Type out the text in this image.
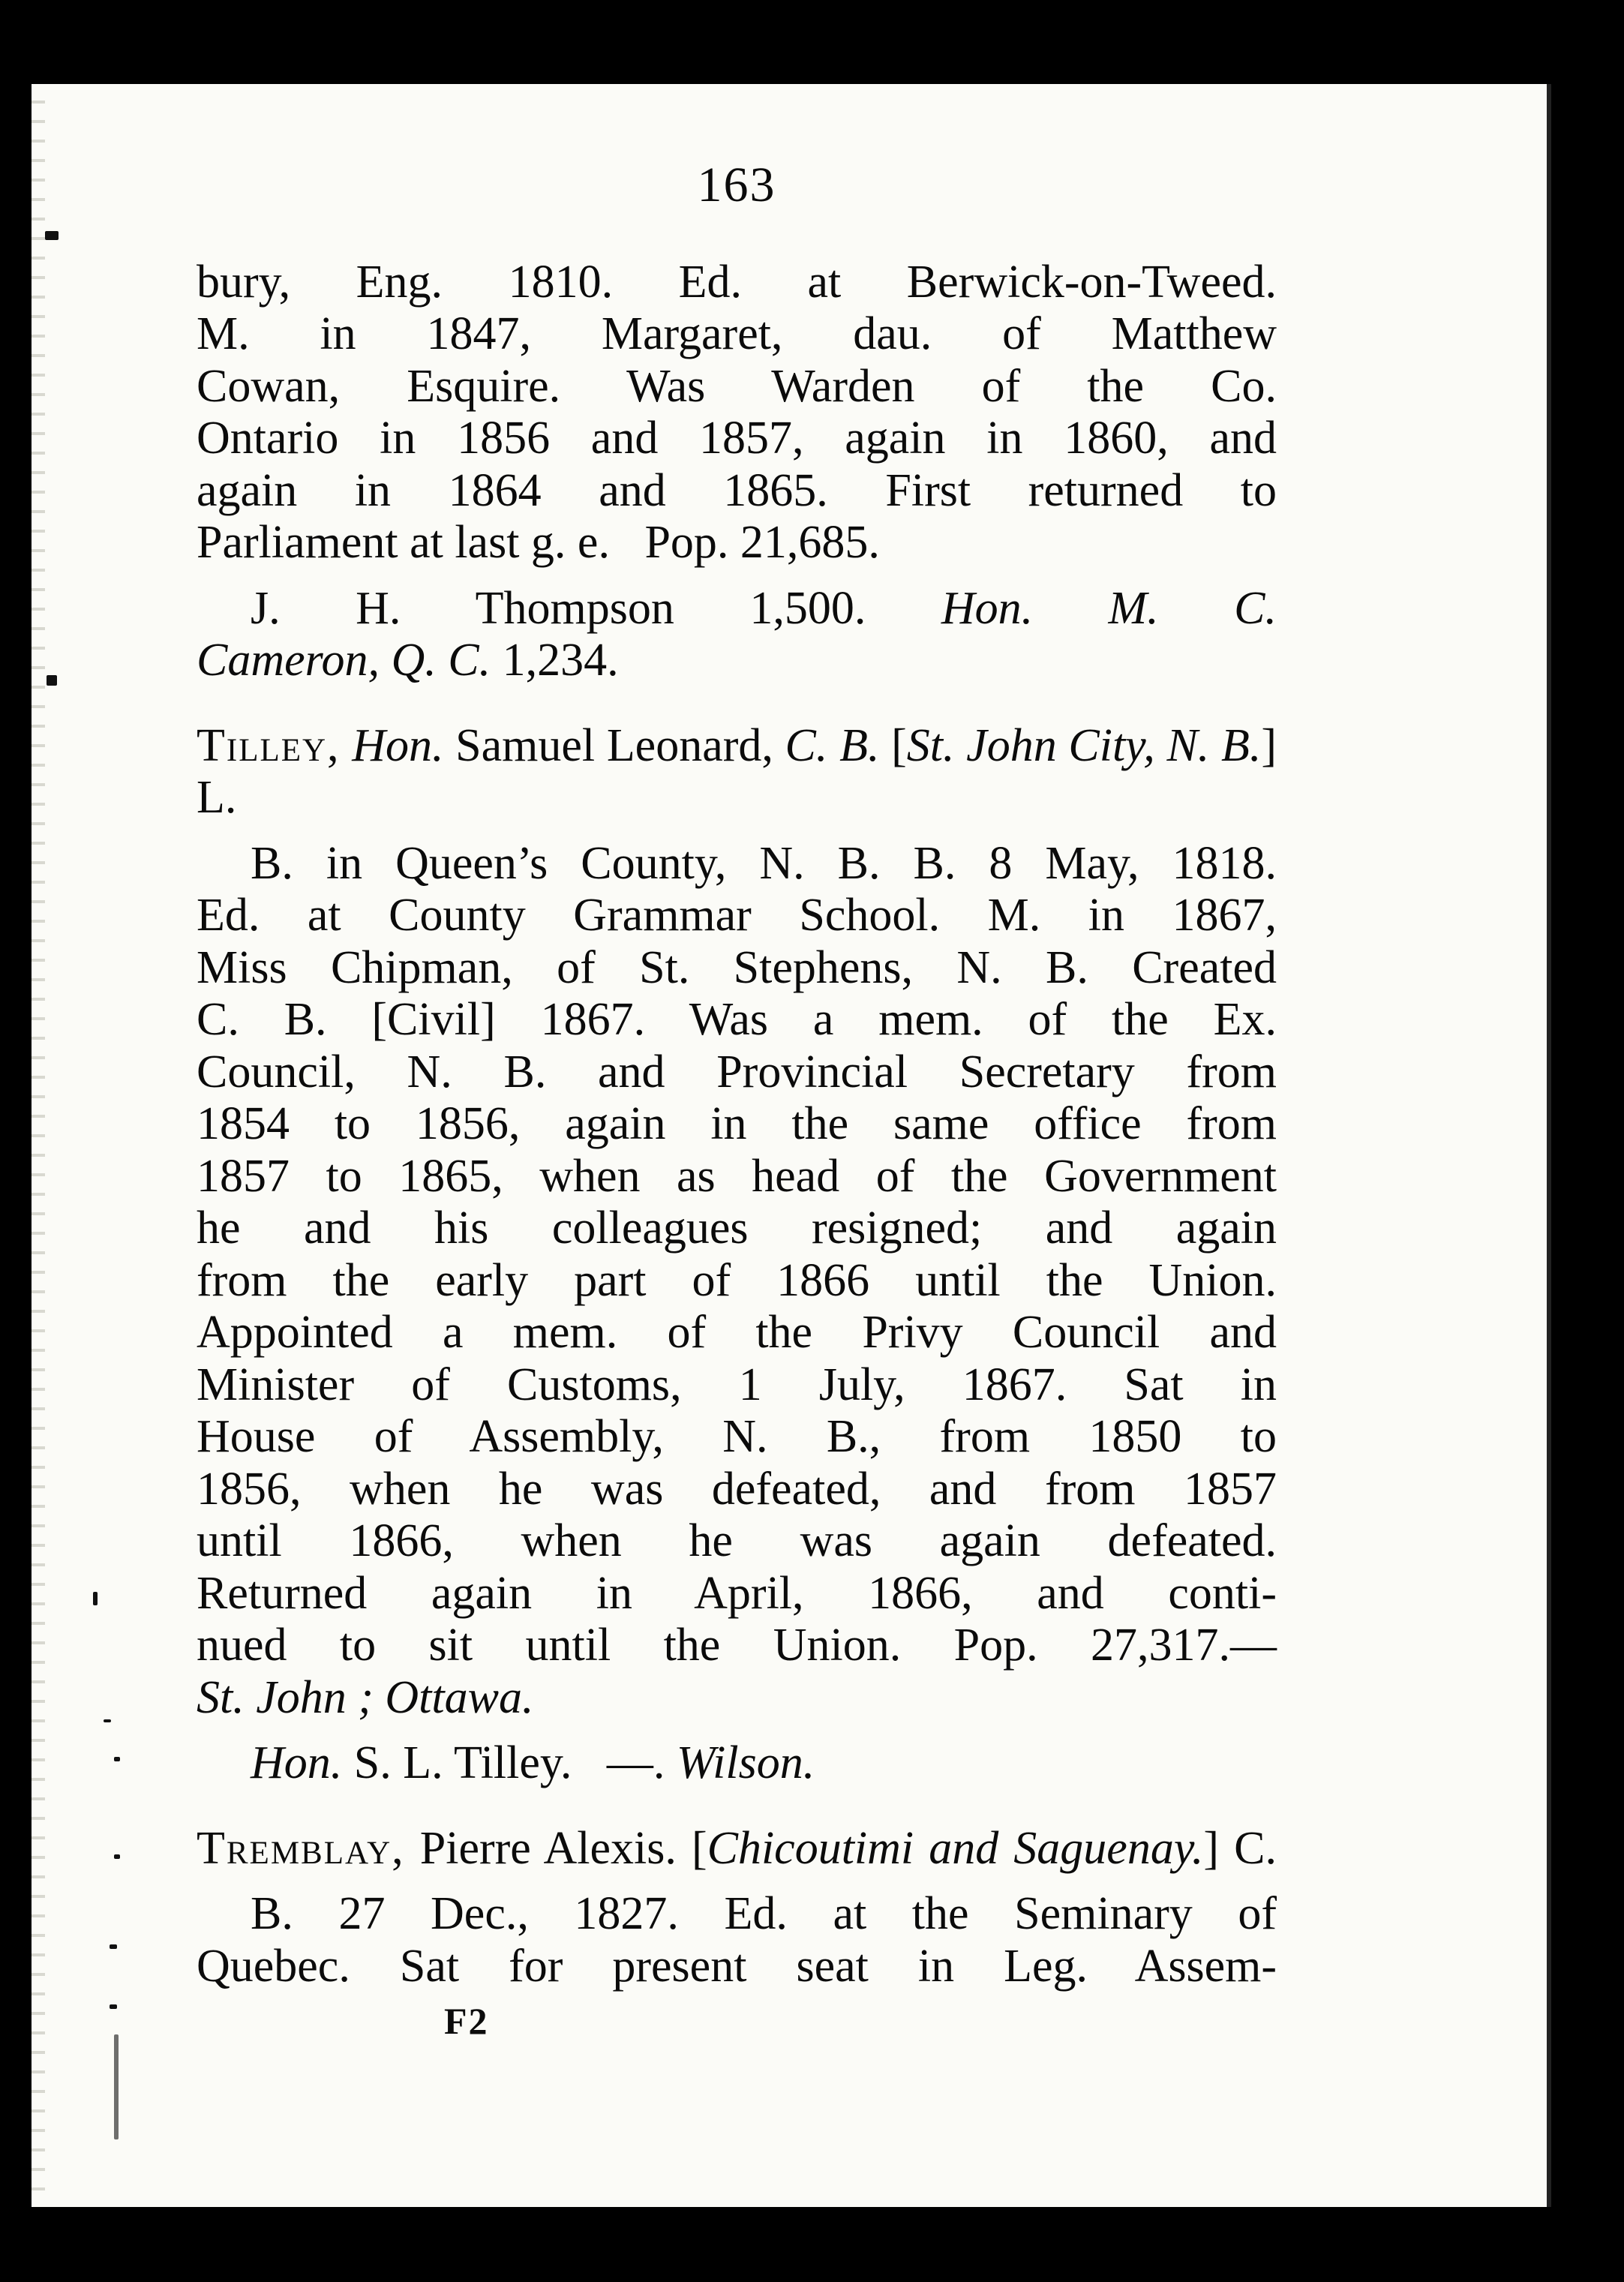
163

bury, Eng. 1810. Ed. at Berwick-on-Tweed.

M. in 1847, Margaret, dau. of Matthew

Cowan, Esquire. Was Warden of the Co.

Ontario in 1856 and 1857, again in 1860, and

again in 1864 and 1865. First returned to

Parliament at last g. e. Pop. 21,685.

J. H. Thompson 1,500. Hon. M. C.

Cameron, Q. C. 1,234.

Tilley, Hon. Samuel Leonard, C. B. [St. John City, N. B.] L.

B. in Queen’s County, N. B. B. 8 May, 1818.

Ed. at County Grammar School. M. in 1867,

Miss Chipman, of St. Stephens, N. B. Created

C. B. [Civil] 1867. Was a mem. of the Ex.

Council, N. B. and Provincial Secretary from

1854 to 1856, again in the same office from

1857 to 1865, when as head of the Government

he and his colleagues resigned; and again

from the early part of 1866 until the Union.

Appointed a mem. of the Privy Council and

Minister of Customs, 1 July, 1867. Sat in

House of Assembly, N. B., from 1850 to

1856, when he was defeated, and from 1857

until 1866, when he was again defeated.

Returned again in April, 1866, and conti-

nued to sit until the Union. Pop. 27,317.—

St. John ; Ottawa.

Hon. S. L. Tilley. —. Wilson.

Tremblay, Pierre Alexis. [Chicoutimi and Saguenay.] C.

B. 27 Dec., 1827. Ed. at the Seminary of

Quebec. Sat for present seat in Leg. Assem-

F2
